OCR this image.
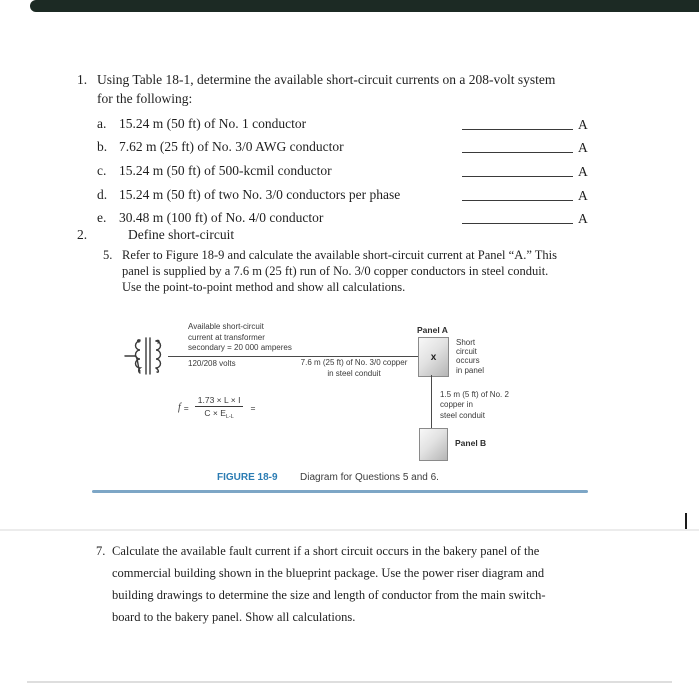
1. Using Table 18-1, determine the available short-circuit currents on a 208-volt system
for the following:
a. 15.24 m (50 ft) of No. 1 conductor	A
b. 7.62 m (25 ft) of No. 3/0 AWG conductor	A
c. 15.24 m (50 ft) of 500-kcmil conductor	A
d. 15.24 m (50 ft) of two No. 3/0 conductors per phase	A
e. 30.48 m (100 ft) of No. 4/0 conductor	A
2.	Define short-circuit
5. Refer to Figure 18-9 and calculate the available short-circuit current at Panel “A.” This
panel is supplied by a 7.6 m (25 ft) run of No. 3/0 copper conductors in steel conduit.
Use the point-to-point method and show all calculations.
Available short-circuit
current at transformer
secondary = 20 000 amperes
120/208 volts	7.6 m (25 ft) of No. 3/0 copper
in steel conduit
Panel A
x
Short
circuit
occurs
in panel
1.5 m (5 ft) of No. 2
copper in
steel conduit
Panel B
$f = \frac{1.73 \times L \times I}{C \times E_{L-L}}$ =
FIGURE 18-9 Diagram for Questions 5 and 6.
7. Calculate the available fault current if a short circuit occurs in the bakery panel of the
commercial building shown in the blueprint package. Use the power riser diagram and
building drawings to determine the size and length of conductor from the main switch-
board to the bakery panel. Show all calculations.
